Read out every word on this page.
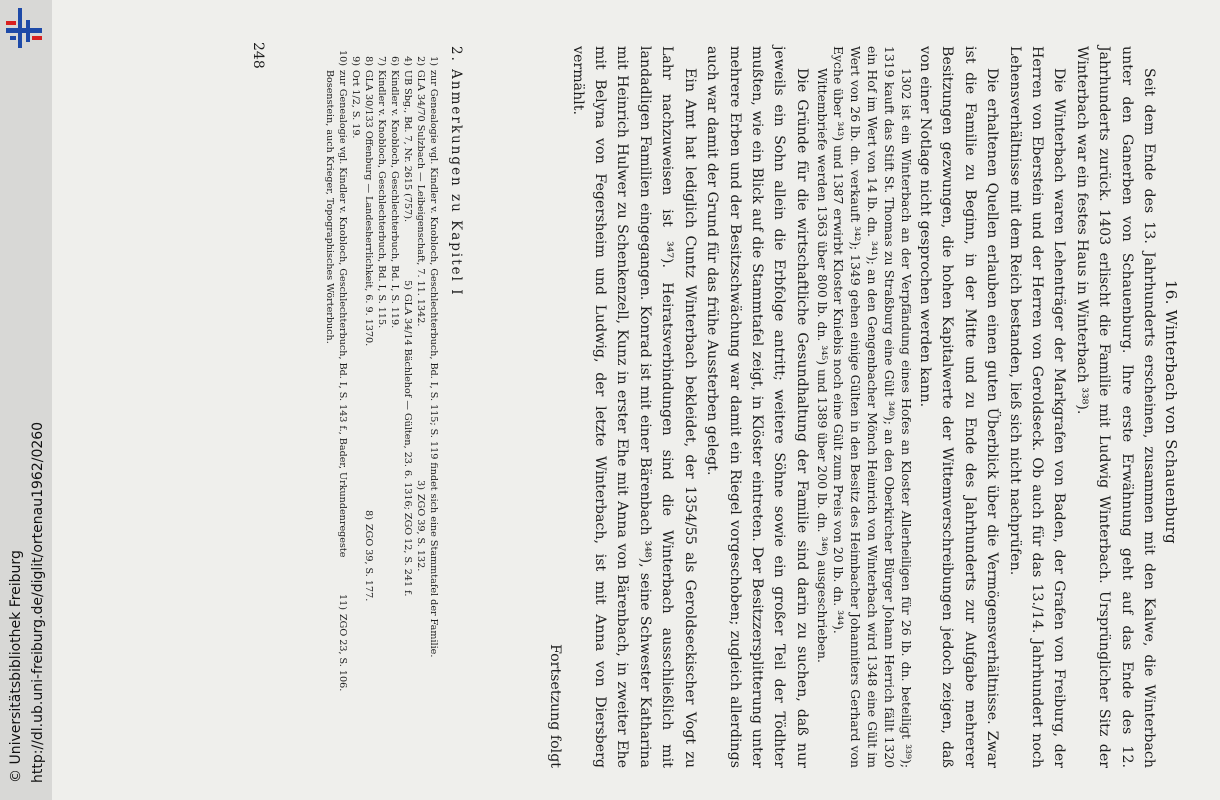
http://dl.ub.uni-freiburg.de/diglit/ortenau1962/0260
© Universitätsbibliothek Freiburg
16. Winterbach von Schauenburg

Seit dem Ende des 13. Jahrhunderts erscheinen, zusammen mit den Kalwe, die Winterbach unter den Ganerben von Schauenburg. Ihre erste Erwähnung geht auf das Ende des 12. Jahrhunderts zurück. 1403 erlischt die Familie mit Ludwig Winterbach. Ursprünglicher Sitz der Winterbach war ein festes Haus in Winterbach ³³⁸).

Die Winterbach waren Lehenträger der Markgrafen von Baden, der Grafen von Freiburg, der Herren von Eberstein und der Herren von Geroldseck. Ob auch für das 13./14. Jahrhundert noch Lehensverhältnisse mit dem Reich bestanden, ließ sich nicht nachprüfen.

Die erhaltenen Quellen erlauben einen guten Überblick über die Vermögensverhältnisse. Zwar ist die Familie zu Beginn, in der Mitte und zu Ende des Jahrhunderts zur Aufgabe mehrerer Besitzungen gezwungen, die hohen Kapitalwerte der Wittemverschreibungen jedoch zeigen, daß von einer Notlage nicht gesprochen werden kann.

1302 ist ein Winterbach an der Verpfändung eines Hofes an Kloster Allerheiligen für 26 lb. dn. beteiligt ³³⁹); 1319 kauft das Stift St. Thomas zu Straßburg eine Gült ³⁴⁰); an den Oberkircher Bürger Johann Herrich fällt 1320 ein Hof im Wert von 14 lb. dn. ³⁴¹); an den Gengenbacher Mönch Heinrich von Winterbach wird 1348 eine Gült im Wert von 26 lb. dn. verkauft ³⁴²); 1349 gehen einige Gülten in den Besitz des Heimbacher Johanniters Gerhard von Eyche über ³⁴³) und 1387 erwirbt Kloster Kniebis noch eine Gült zum Preis von 20 lb. dn. ³⁴⁴).

Wittembriefe werden 1363 über 800 lb. dn. ³⁴⁵) und 1389 über 200 lb. dn. ³⁴⁶) ausgeschrieben.

Die Gründe für die wirtschaftliche Gesundhaltung der Familie sind darin zu suchen, daß nur jeweils ein Sohn allein die Erbfolge antritt; weitere Söhne sowie ein großer Teil der Tödhter mußten, wie ein Blick auf die Stammtafel zeigt, in Klöster eintreten. Der Besitzzersplitterung unter mehrere Erben und der Besitzschwächung war damit ein Riegel vorgeschoben; zugleich allerdings auch war damit der Grund für das frühe Aussterben gelegt.

Ein Amt hat lediglich Cuntz Winterbach bekleidet, der 1354/55 als Geroldseckischer Vogt zu Lahr nachzuweisen ist ³⁴⁷). Heiratsverbindungen sind die Winterbach ausschließlich mit landadligen Familien eingegangen. Konrad ist mit einer Bärenbach ³⁴⁸), seine Schwester Katharina mit Heinrich Hulwer zu Schenkenzell, Kunz in erster Ehe mit Anna von Bärenbach, in zweiter Ehe mit Belyna von Fegersheim und Ludwig, der letzte Winterbach, ist mit Anna von Diersberg vermählt.

Fortsetzung folgt

2. Anmerkungen zu Kapitel I

1)
zur Genealogie vgl. Kindler v. Knobloch, Geschlechterbuch, Bd. I, S. 115; S. 119 findet sich eine Stammtafel der Familie.
2)
GLA 34/70 Sulzbach — Leibeigenschaft, 7. 11. 1342.
3)
ZGO 39, S. 132.
4)
UB Sbg., Bd. 7, Nr. 2615 (757).
5)
GLA 34/14 Bächlehof — Gülten, 23. 6. 1316; ZGO 12, S. 241 f.
6)
Kindler v. Knobloch, Geschlechterbuch, Bd. I, S. 119.
7)
Kindler v. Knobloch, Geschlechterbuch, Bd. I, S. 115.
8)
GLA 30/133 Offenburg — Landesherrlichkeit, 6. 9. 1370.
8)
ZGO 39, S. 177.
9)
Ort 1/2, S. 19.
10)
zur Genealogie vgl. Kindler v. Knobloch, Geschlechterbuch, Bd. I, S. 143 f., Bader, Urkundenregeste Bosenstein, auch Krieger, Topographisches Wörterbuch.
11)
ZGO 23, S. 106.
248
